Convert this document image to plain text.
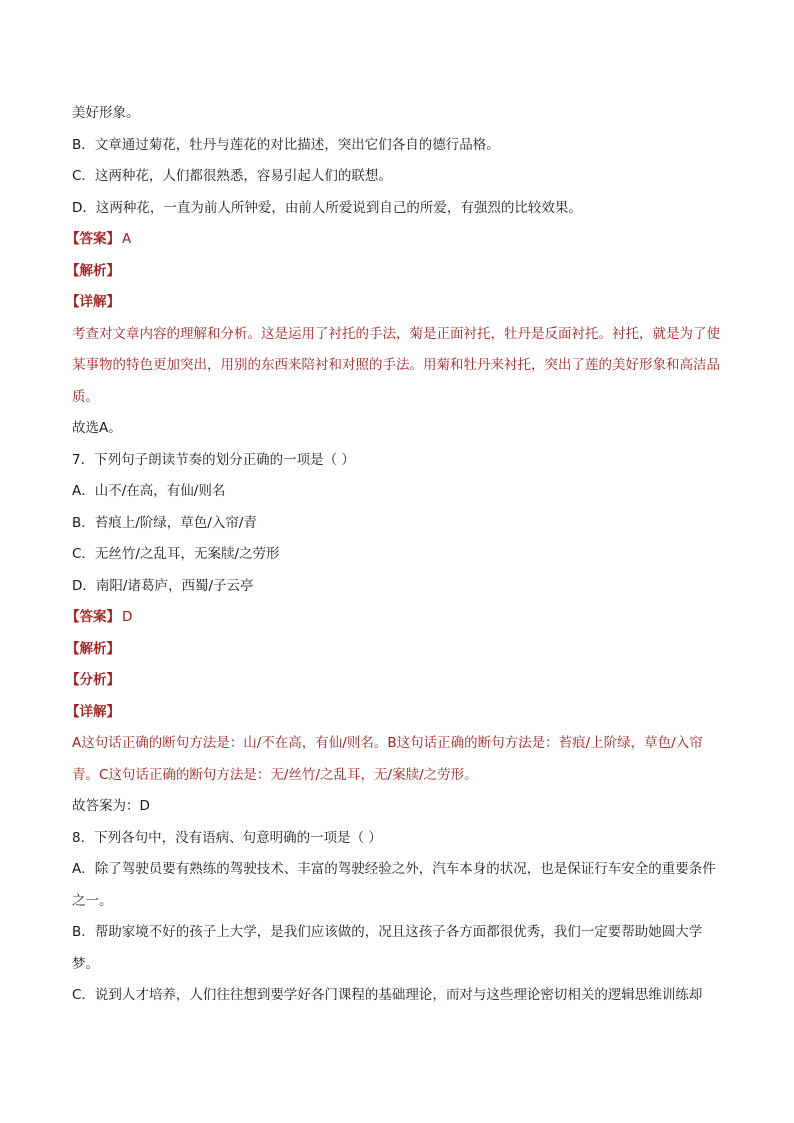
美好形象。
B．文章通过菊花，牡丹与莲花的对比描述，突出它们各自的德行品格。
C．这两种花，人们都很熟悉，容易引起人们的联想。
D．这两种花，一直为前人所钟爱，由前人所爱说到自己的所爱，有强烈的比较效果。
【答案】 A
【解析】
【详解】
考查对文章内容的理解和分析。这是运用了衬托的手法，菊是正面衬托，牡丹是反面衬托。衬托，就是为了使某事物的特色更加突出，用别的东西来陪衬和对照的手法。用菊和牡丹来衬托，突出了莲的美好形象和高洁品质。
故选A。
7．下列句子朗读节奏的划分正确的一项是（ ）
A．山不/在高，有仙/则名
B．苔痕上/阶绿，草色/入帘/青
C．无丝竹/之乱耳，无案牍/之劳形
D．南阳/诸葛庐，西蜀/子云亭
【答案】 D
【解析】
【分析】
【详解】
A这句话正确的断句方法是：山/不在高，有仙/则名。B这句话正确的断句方法是：苔痕/上阶绿，草色/入帘青。C这句话正确的断句方法是：无/丝竹/之乱耳，无/案牍/之劳形。
故答案为：D
8．下列各句中，没有语病、句意明确的一项是（ ）
A．除了驾驶员要有熟练的驾驶技术、丰富的驾驶经验之外，汽车本身的状况，也是保证行车安全的重要条件之一。
B．帮助家境不好的孩子上大学，是我们应该做的，况且这孩子各方面都很优秀，我们一定要帮助她圆大学梦。
C．说到人才培养，人们往往想到要学好各门课程的基础理论，而对与这些理论密切相关的逻辑思维训练却
